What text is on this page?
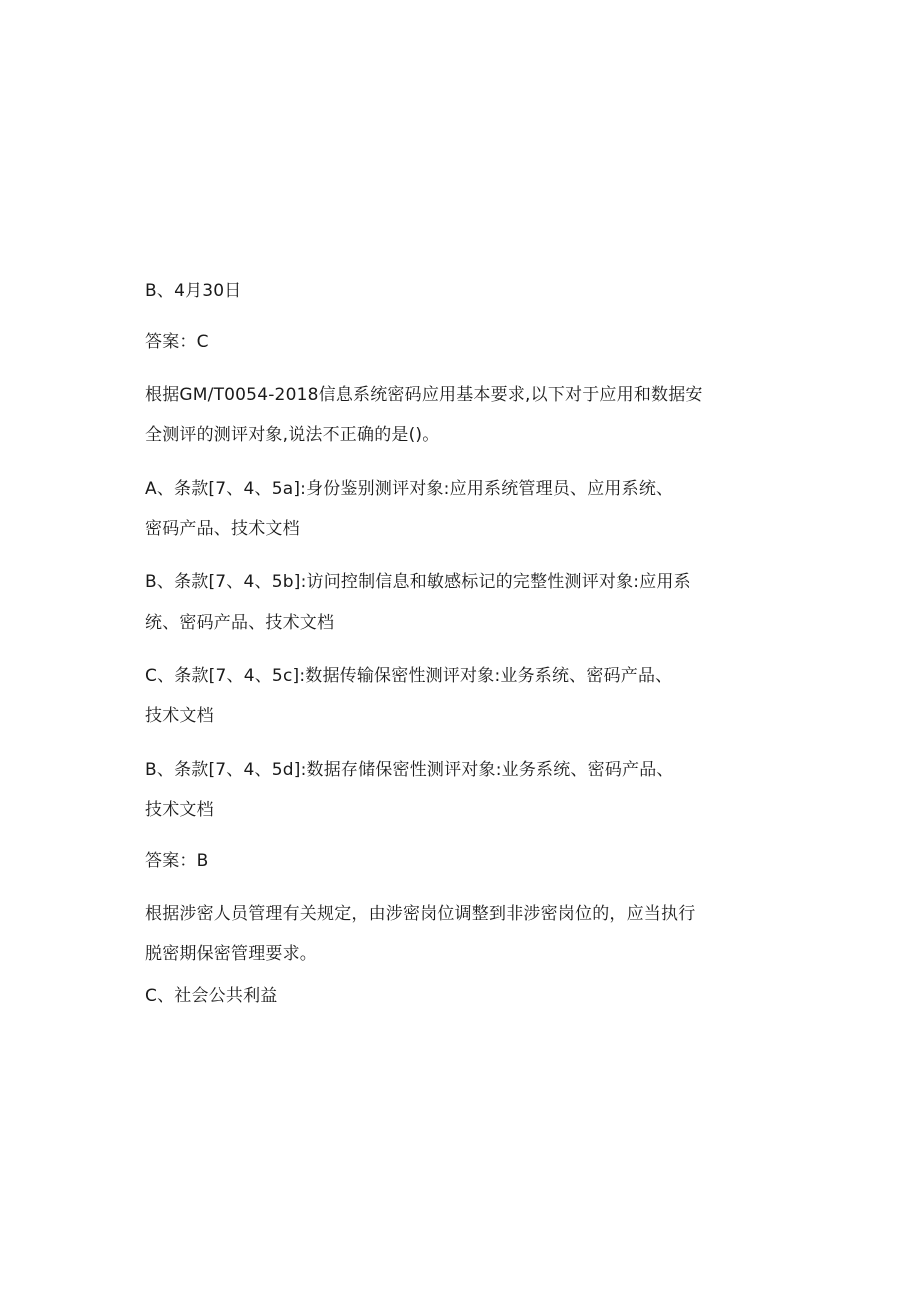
B、4月30日
答案：C
根据GM/T0054-2018信息系统密码应用基本要求,以下对于应用和数据安
全测评的测评对象,说法不正确的是()。
A、条款[7、4、5a]:身份鉴别测评对象:应用系统管理员、应用系统、
密码产品、技术文档
B、条款[7、4、5b]:访问控制信息和敏感标记的完整性测评对象:应用系
统、密码产品、技术文档
C、条款[7、4、5c]:数据传输保密性测评对象:业务系统、密码产品、
技术文档
B、条款[7、4、5d]:数据存储保密性测评对象:业务系统、密码产品、
技术文档
答案：B
根据涉密人员管理有关规定，由涉密岗位调整到非涉密岗位的，应当执行
脱密期保密管理要求。
C、社会公共利益
